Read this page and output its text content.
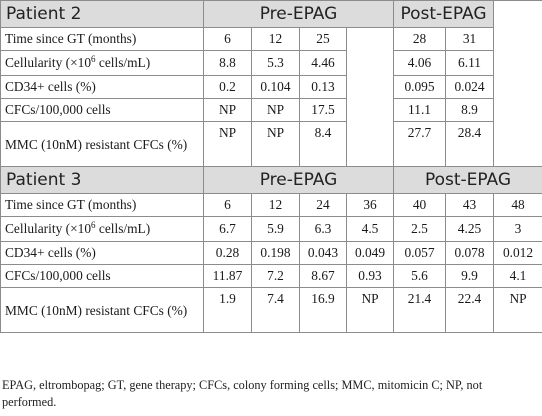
Patient 2	Pre-EPAG				Post-EPAG		
Time since GT (months)	6	12	25		28	31	
Cellularity ($\times 10^6$ cells/mL)	8.8	5.3	4.46		4.06	6.11	
CD34+ cells (%)	0.2	0.104	0.13		0.095	0.024	
CFCs/100,000 cells	NP	NP	17.5		11.1	8.9	
MMC (10nM) resistant CFCs (%)	NP	NP	8.4		27.7	28.4	
Patient 3	Pre-EPAG				Post-EPAG		
Time since GT (months)	6	12	24	36	40	43	48
Cellularity ($\times 10^6$ cells/mL)	6.7	5.9	6.3	4.5	2.5	4.25	3
CD34+ cells (%)	0.28	0.198	0.043	0.049	0.057	0.078	0.012
CFCs/100,000 cells	11.87	7.2	8.67	0.93	5.6	9.9	4.1
MMC (10nM) resistant CFCs (%)	1.9	7.4	16.9	NP	21.4	22.4	NP
EPAG, eltrombopag; GT, gene therapy; CFCs, colony forming cells; MMC, mitomicin C; NP, not performed.
